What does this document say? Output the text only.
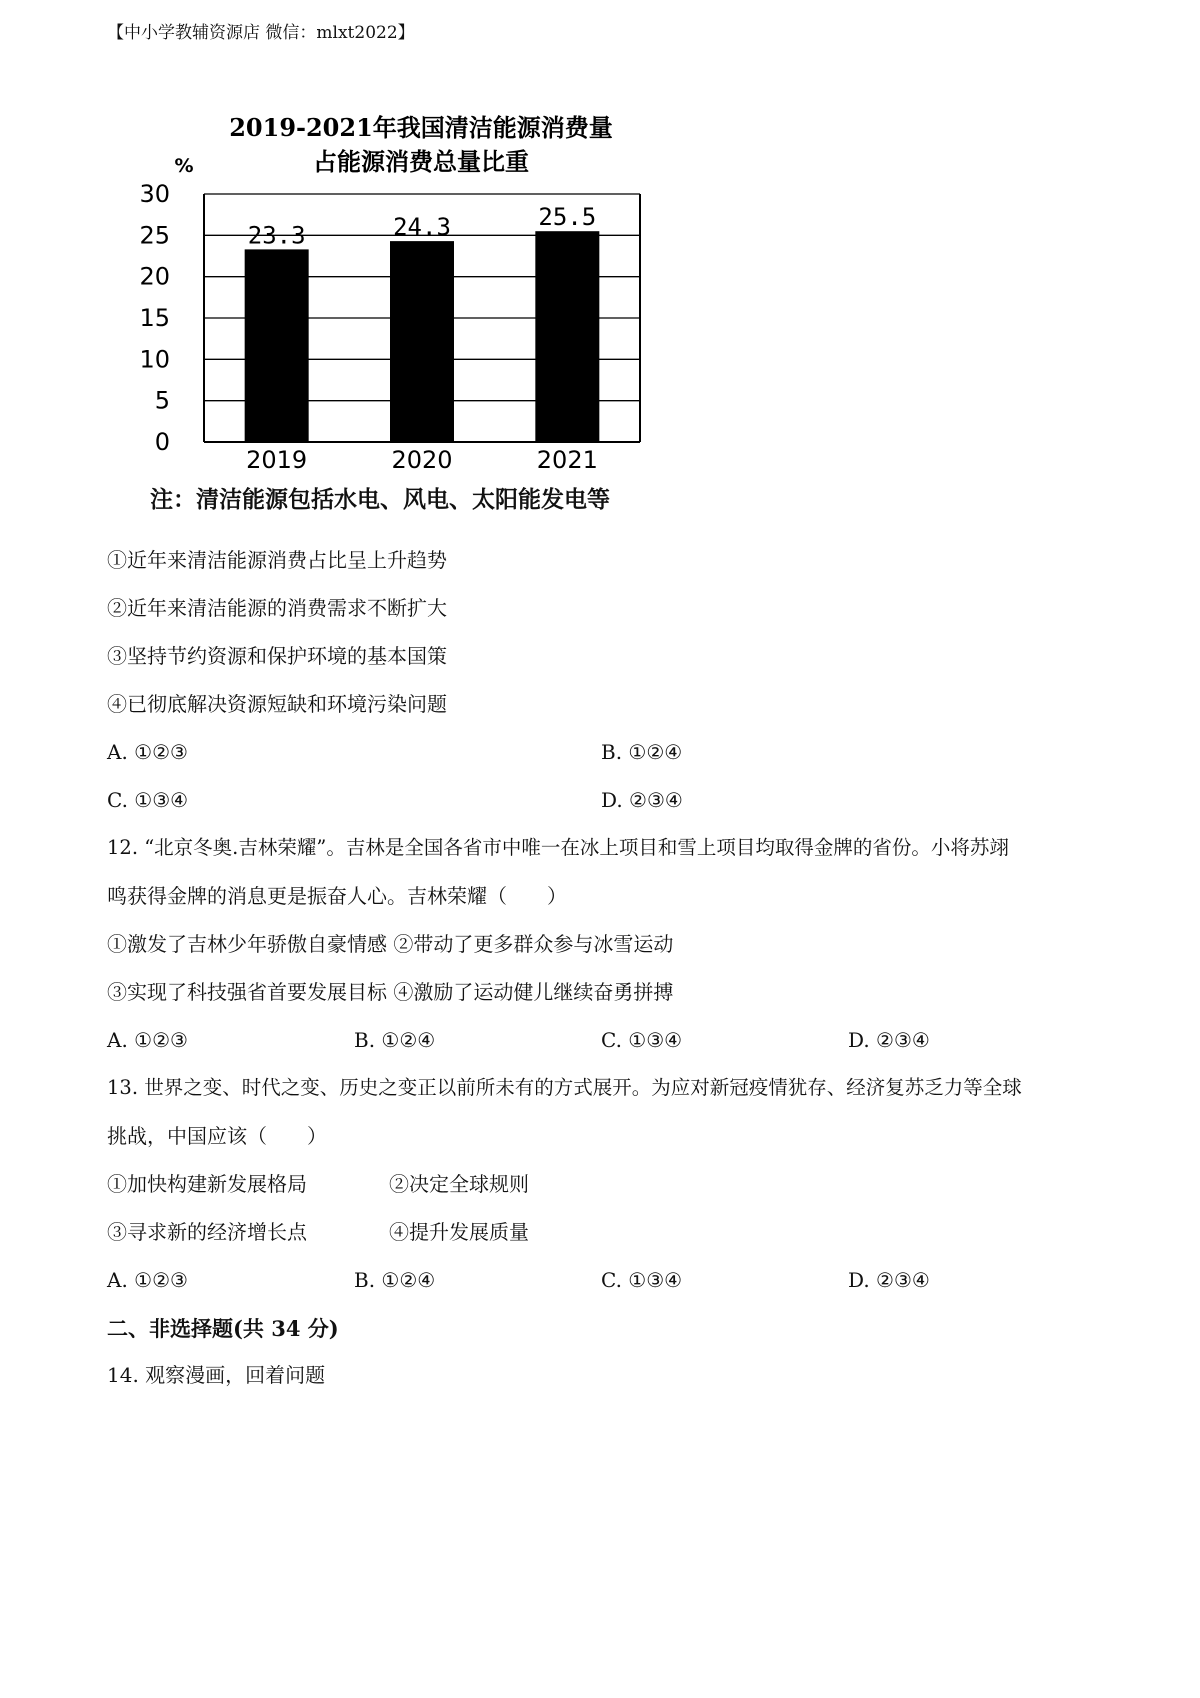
【中小学教辅资源店 微信：mlxt2022】
2019-2021年我国清洁能源消费量
占能源消费总量比重
%
0
5
10
15
20
25
30
23.3
2019
24.3
2020
25.5
2021
注：清洁能源包括水电、风电、太阳能发电等
①近年来清洁能源消费占比呈上升趋势
②近年来清洁能源的消费需求不断扩大
③坚持节约资源和保护环境的基本国策
④已彻底解决资源短缺和环境污染问题
A. ①②③	B. ①②④
C. ①③④	D. ②③④
12. “北京冬奥.吉林荣耀”。吉林是全国各省市中唯一在冰上项目和雪上项目均取得金牌的省份。小将苏翊
鸣获得金牌的消息更是振奋人心。吉林荣耀（　　）
①激发了吉林少年骄傲自豪情感 ②带动了更多群众参与冰雪运动
③实现了科技强省首要发展目标 ④激励了运动健儿继续奋勇拼搏
A. ①②③	B. ①②④	C. ①③④	D. ②③④
13. 世界之变、时代之变、历史之变正以前所未有的方式展开。为应对新冠疫情犹存、经济复苏乏力等全球
挑战，中国应该（　　）
①加快构建新发展格局	②决定全球规则
③寻求新的经济增长点	④提升发展质量
A. ①②③	B. ①②④	C. ①③④	D. ②③④
二、非选择题(共 34 分)
14. 观察漫画，回着问题
